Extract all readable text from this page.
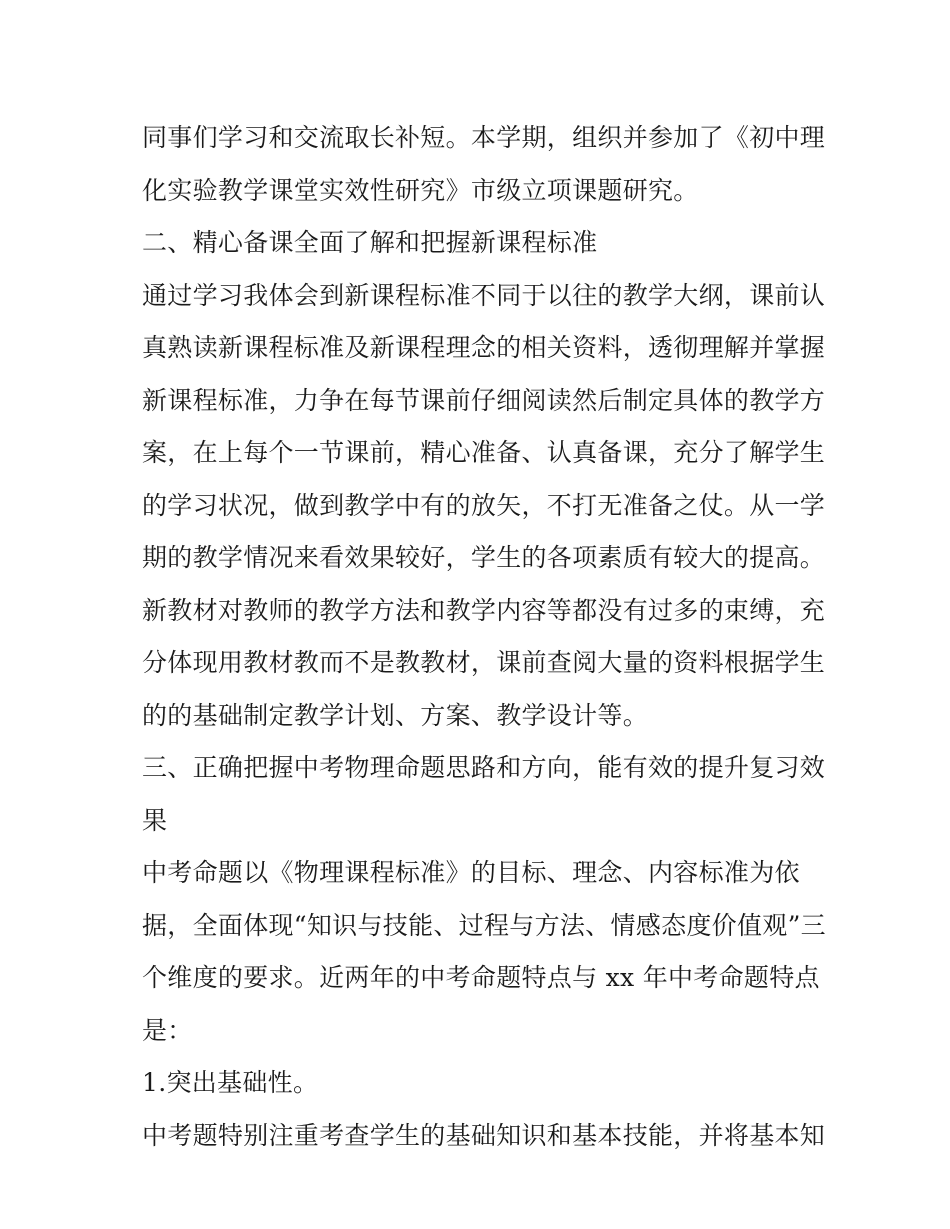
同事们学习和交流取长补短。本学期，组织并参加了《初中理
化实验教学课堂实效性研究》市级立项课题研究。
二、精心备课全面了解和把握新课程标准
通过学习我体会到新课程标准不同于以往的教学大纲，课前认
真熟读新课程标准及新课程理念的相关资料，透彻理解并掌握
新课程标准，力争在每节课前仔细阅读然后制定具体的教学方
案，在上每个一节课前，精心准备、认真备课，充分了解学生
的学习状况，做到教学中有的放矢，不打无准备之仗。从一学
期的教学情况来看效果较好，学生的各项素质有较大的提高。
新教材对教师的教学方法和教学内容等都没有过多的束缚，充
分体现用教材教而不是教教材，课前查阅大量的资料根据学生
的的基础制定教学计划、方案、教学设计等。
三、正确把握中考物理命题思路和方向，能有效的提升复习效
果
中考命题以《物理课程标准》的目标、理念、内容标准为依
据，全面体现“知识与技能、过程与方法、情感态度价值观”三
个维度的要求。近两年的中考命题特点与 xx 年中考命题特点
是：
1.突出基础性。
中考题特别注重考查学生的基础知识和基本技能，并将基本知
